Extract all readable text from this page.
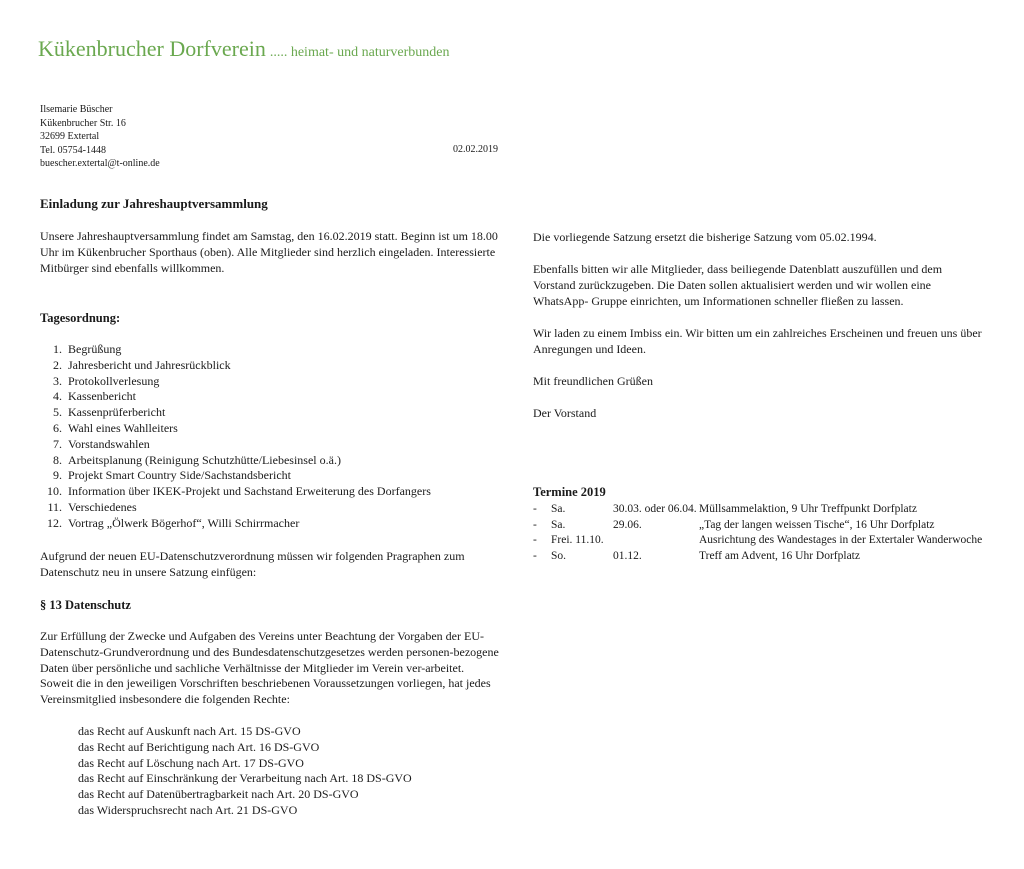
Kükenbrucher Dorfverein ..... heimat- und naturverbunden
Ilsemarie Büscher
Kükenbrucher Str. 16
32699 Extertal
Tel. 05754-1448
buescher.extertal@t-online.de
02.02.2019
Einladung zur Jahreshauptversammlung
Unsere Jahreshauptversammlung findet am Samstag, den 16.02.2019 statt. Beginn ist um 18.00 Uhr im Kükenbrucher Sporthaus (oben). Alle Mitglieder sind herzlich eingeladen. Interessierte Mitbürger sind ebenfalls willkommen.
Tagesordnung:
1. Begrüßung
2. Jahresbericht und Jahresrückblick
3. Protokollverlesung
4. Kassenbericht
5. Kassenprüferbericht
6. Wahl eines Wahlleiters
7. Vorstandswahlen
8. Arbeitsplanung (Reinigung Schutzhütte/Liebesinsel o.ä.)
9. Projekt Smart Country Side/Sachstandsbericht
10. Information über IKEK-Projekt und Sachstand Erweiterung des Dorfangers
11. Verschiedenes
12. Vortrag „Ölwerk Bögerhof“, Willi Schirrmacher
Aufgrund der neuen EU-Datenschutzverordnung müssen wir folgenden Pragraphen zum Datenschutz neu in unsere Satzung einfügen:
§ 13 Datenschutz
Zur Erfüllung der Zwecke und Aufgaben des Vereins unter Beachtung der Vorgaben der EU-Datenschutz-Grundverordnung und des Bundesdatenschutzgesetzes werden personen-bezogene Daten über persönliche und sachliche Verhältnisse der Mitglieder im Verein ver-arbeitet.
Soweit die in den jeweiligen Vorschriften beschriebenen Voraussetzungen vorliegen, hat jedes Vereinsmitglied insbesondere die folgenden Rechte:
das Recht auf Auskunft nach Art. 15 DS-GVO
das Recht auf Berichtigung nach Art. 16 DS-GVO
das Recht auf Löschung nach Art. 17 DS-GVO
das Recht auf Einschränkung der Verarbeitung nach Art. 18 DS-GVO
das Recht auf Datenübertragbarkeit nach Art. 20 DS-GVO
das Widerspruchsrecht nach Art. 21 DS-GVO
Die vorliegende Satzung ersetzt die bisherige Satzung vom 05.02.1994.
Ebenfalls bitten wir alle Mitglieder, dass beiliegende Datenblatt auszufüllen und dem Vorstand zurückzugeben. Die Daten sollen aktualisiert werden und wir wollen eine WhatsApp- Gruppe einrichten, um Informationen schneller fließen zu lassen.
Wir laden zu einem Imbiss ein. Wir bitten um ein zahlreiches Erscheinen und freuen uns über Anregungen und Ideen.
Mit freundlichen Grüßen
Der Vorstand
Termine 2019
-	Sa.	30.03. oder 06.04. Müllsammelaktion, 9 Uhr Treffpunkt Dorfplatz
-	Sa.	29.06.	„Tag der langen weissen Tische“, 16 Uhr Dorfplatz
-	Frei. 11.10.	Ausrichtung des Wandestages in der Extertaler Wanderwoche
-	So.	01.12.	Treff am Advent, 16 Uhr Dorfplatz
